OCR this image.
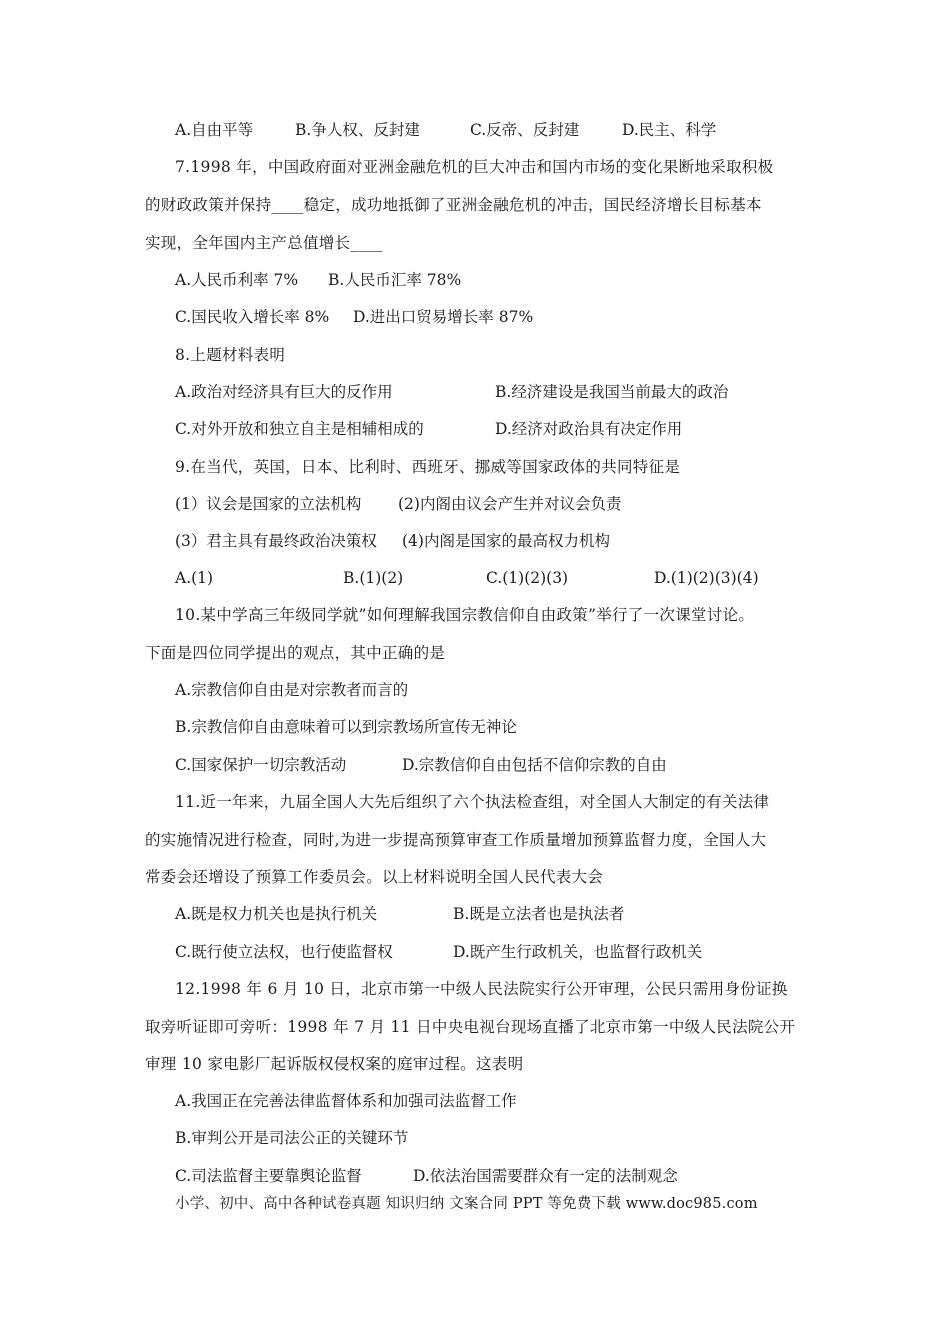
A.自由平等	B.争人权、反封建	C.反帝、反封建	D.民主、科学
7.1998 年，中国政府面对亚洲金融危机的巨大冲击和国内市场的变化果断地采取积极
的财政政策并保持____稳定，成功地抵御了亚洲金融危机的冲击，国民经济增长目标基本
实现，全年国内主产总值增长____
A.人民币利率 7% B.人民币汇率 78%
C.国民收入增长率 8% D.进出口贸易增长率 87%
8.上题材料表明
A.政治对经济具有巨大的反作用	B.经济建设是我国当前最大的政治
C.对外开放和独立自主是相辅相成的	D.经济对政治具有决定作用
9.在当代，英国，日本、比利时、西班牙、挪威等国家政体的共同特征是
(1）议会是国家的立法机构 (2)内阁由议会产生并对议会负责
(3）君主具有最终政治决策权 (4)内阁是国家的最高权力机构
A.(1)	B.(1)(2)	C.(1)(2)(3)	D.(1)(2)(3)(4)
10.某中学高三年级同学就”如何理解我国宗教信仰自由政策”举行了一次课堂讨论。
下面是四位同学提出的观点，其中正确的是
A.宗教信仰自由是对宗教者而言的
B.宗教信仰自由意味着可以到宗教场所宣传无神论
C.国家保护一切宗教活动	D.宗教信仰自由包括不信仰宗教的自由
11.近一年来，九届全国人大先后组织了六个执法检查组，对全国人大制定的有关法律
的实施情况进行检查，同时,为进一步提高预算审查工作质量增加预算监督力度，全国人大
常委会还增设了预算工作委员会。以上材料说明全国人民代表大会
A.既是权力机关也是执行机关	B.既是立法者也是执法者
C.既行使立法权，也行使监督权	D.既产生行政机关，也监督行政机关
12.1998 年 6 月 10 日，北京市第一中级人民法院实行公开审理，公民只需用身份证换
取旁听证即可旁听：1998 年 7 月 11 日中央电视台现场直播了北京市第一中级人民法院公开
审理 10 家电影厂起诉版权侵权案的庭审过程。这表明
A.我国正在完善法律监督体系和加强司法监督工作
B.审判公开是司法公正的关键环节
C.司法监督主要靠舆论监督	D.依法治国需要群众有一定的法制观念
小学、初中、高中各种试卷真题 知识归纳 文案合同 PPT 等免费下载 www.doc985.com
